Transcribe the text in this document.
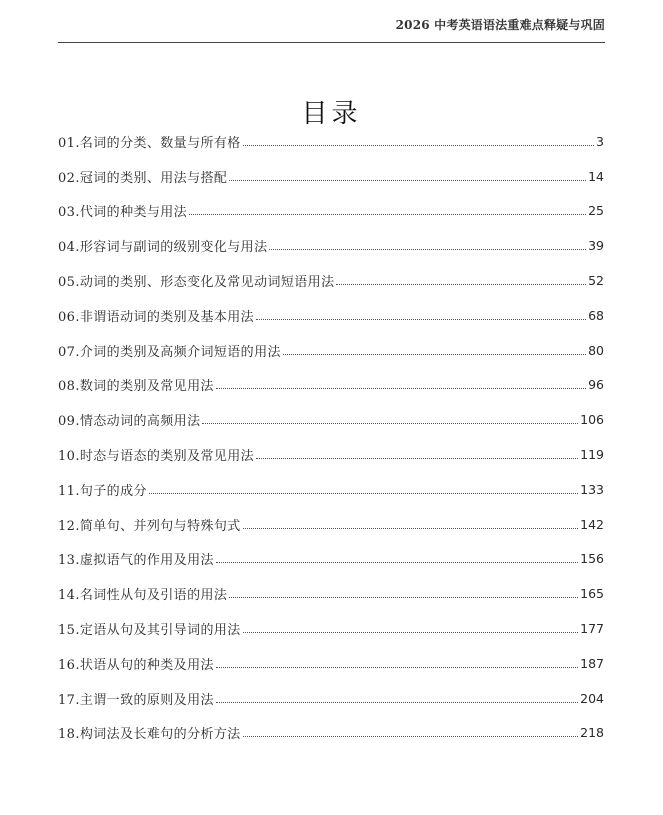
2026 中考英语语法重难点释疑与巩固
目录
01.名词的分类、数量与所有格	3
02.冠词的类别、用法与搭配	14
03.代词的种类与用法	25
04.形容词与副词的级别变化与用法	39
05.动词的类别、形态变化及常见动词短语用法	52
06.非谓语动词的类别及基本用法	68
07.介词的类别及高频介词短语的用法	80
08.数词的类别及常见用法	96
09.情态动词的高频用法	106
10.时态与语态的类别及常见用法	119
11.句子的成分	133
12.简单句、并列句与特殊句式	142
13.虚拟语气的作用及用法	156
14.名词性从句及引语的用法	165
15.定语从句及其引导词的用法	177
16.状语从句的种类及用法	187
17.主谓一致的原则及用法	204
18.构词法及长难句的分析方法	218
